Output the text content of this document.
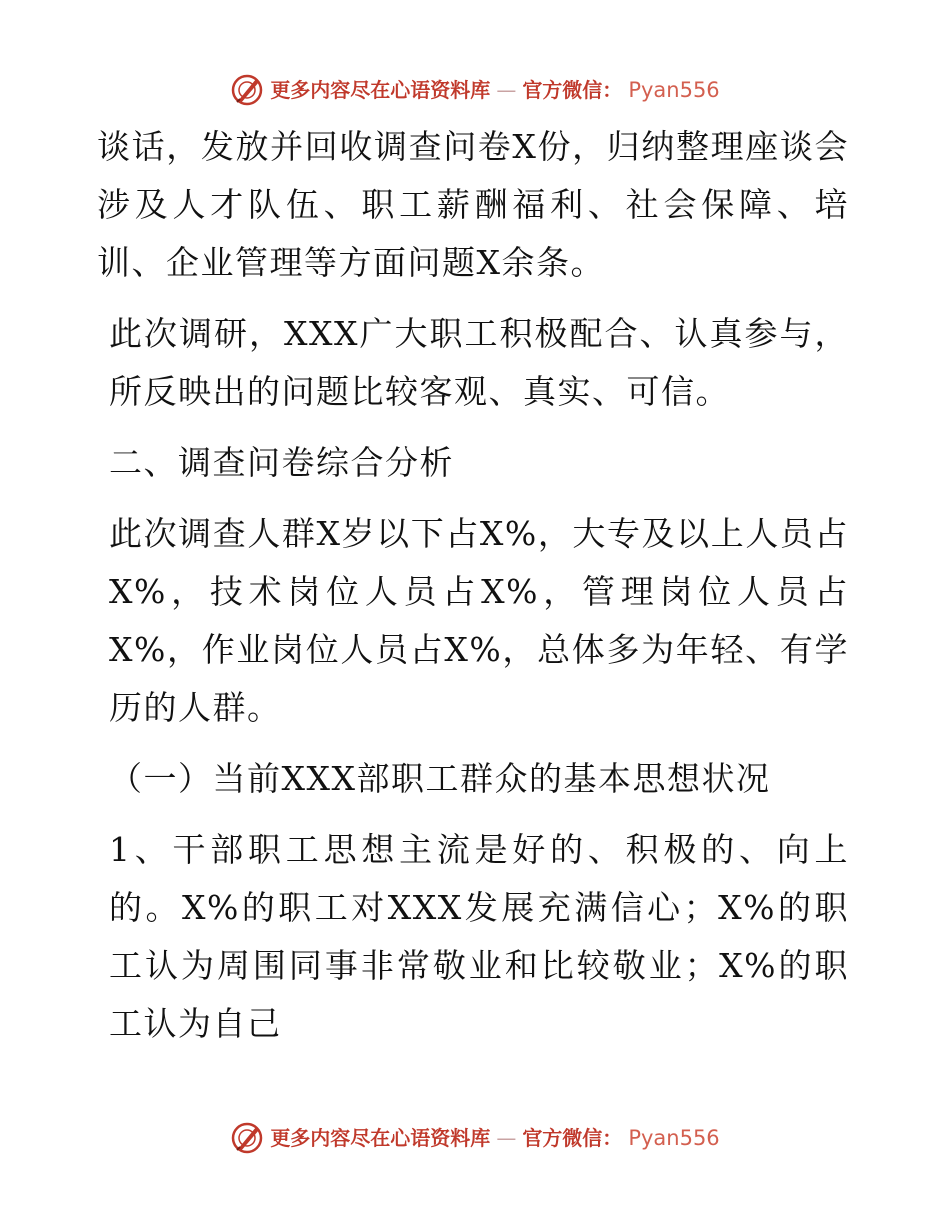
更多内容尽在心语资料库 — 官方微信： Pyan556

谈话，发放并回收调查问卷X份，归纳整理座谈会涉及人才队伍、职工薪酬福利、社会保障、培训、企业管理等方面问题X余条。

此次调研，XXX广大职工积极配合、认真参与，所反映出的问题比较客观、真实、可信。

二、调查问卷综合分析

此次调查人群X岁以下占X%，大专及以上人员占X%，技术岗位人员占X%，管理岗位人员占X%，作业岗位人员占X%，总体多为年轻、有学历的人群。

（一）当前XXX部职工群众的基本思想状况

1、干部职工思想主流是好的、积极的、向上的。X%的职工对XXX发展充满信心；X%的职工认为周围同事非常敬业和比较敬业；X%的职工认为自己

更多内容尽在心语资料库 — 官方微信： Pyan556
